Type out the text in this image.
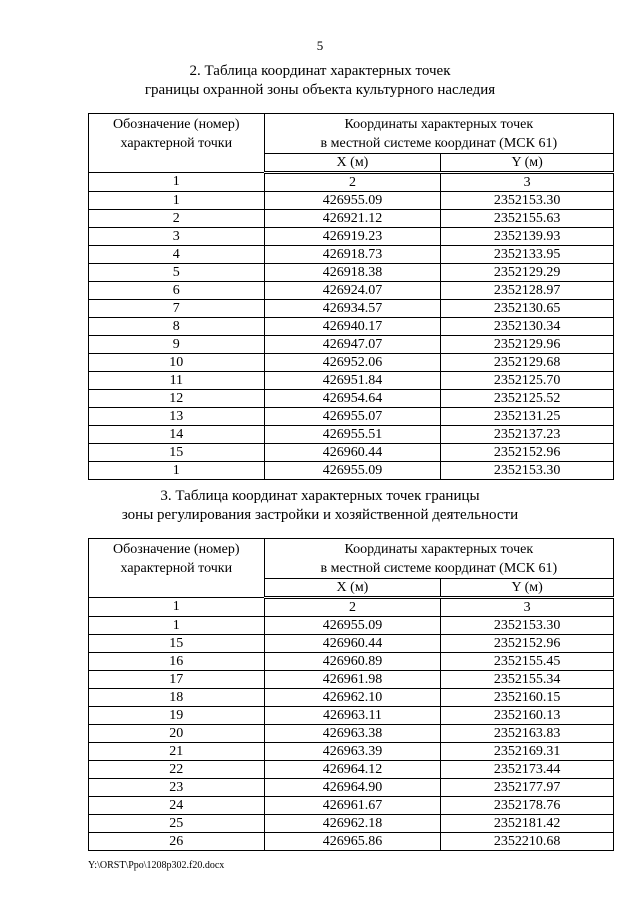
5
2. Таблица координат характерных точек
границы охранной зоны объекта культурного наследия
Обозначение (номер) характерной точки	Координаты характерных точек
в местной системе координат (МСК 61)	

	X (м)	Y (м)
1	2	3
1	426955.09	2352153.30
2	426921.12	2352155.63
3	426919.23	2352139.93
4	426918.73	2352133.95
5	426918.38	2352129.29
6	426924.07	2352128.97
7	426934.57	2352130.65
8	426940.17	2352130.34
9	426947.07	2352129.96
10	426952.06	2352129.68
11	426951.84	2352125.70
12	426954.64	2352125.52
13	426955.07	2352131.25
14	426955.51	2352137.23
15	426960.44	2352152.96
1	426955.09	2352153.30
3. Таблица координат характерных точек границы
зоны регулирования застройки и хозяйственной деятельности
Обозначение (номер) характерной точки	Координаты характерных точек
в местной системе координат (МСК 61)	

	X (м)	Y (м)
1	2	3
1	426955.09	2352153.30
15	426960.44	2352152.96
16	426960.89	2352155.45
17	426961.98	2352155.34
18	426962.10	2352160.15
19	426963.11	2352160.13
20	426963.38	2352163.83
21	426963.39	2352169.31
22	426964.12	2352173.44
23	426964.90	2352177.97
24	426961.67	2352178.76
25	426962.18	2352181.42
26	426965.86	2352210.68
Y:\ORST\Ppo\1208p302.f20.docx
